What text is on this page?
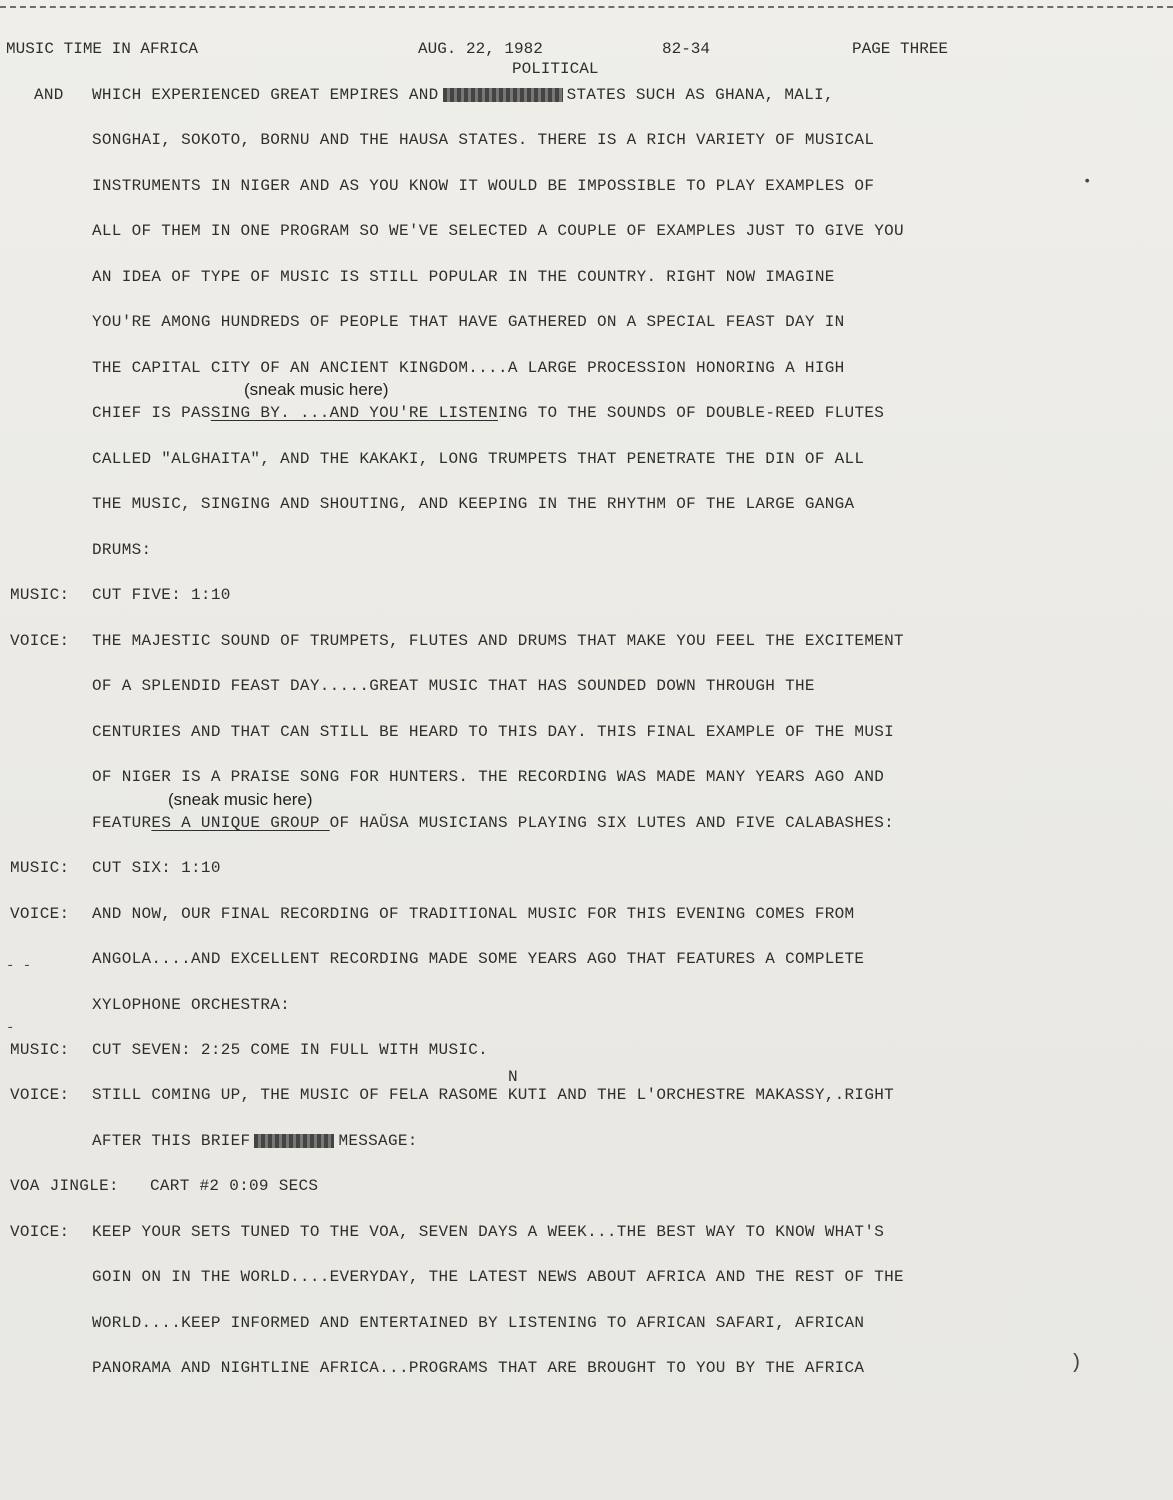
MUSIC TIME IN AFRICA	AUG. 22, 1982	82-34	PAGE THREE
POLITICAL
AND WHICH EXPERIENCED GREAT EMPIRES AND	STATES SUCH AS GHANA, MALI,
SONGHAI, SOKOTO, BORNU AND THE HAUSA STATES. THERE IS A RICH VARIETY OF MUSICAL
INSTRUMENTS IN NIGER AND AS YOU KNOW IT WOULD BE IMPOSSIBLE TO PLAY EXAMPLES OF
ALL OF THEM IN ONE PROGRAM SO WE'VE SELECTED A COUPLE OF EXAMPLES JUST TO GIVE YOU
AN IDEA OF TYPE OF MUSIC IS STILL POPULAR IN THE COUNTRY. RIGHT NOW IMAGINE
YOU'RE AMONG HUNDREDS OF PEOPLE THAT HAVE GATHERED ON A SPECIAL FEAST DAY IN
THE CAPITAL CITY OF AN ANCIENT KINGDOM....A LARGE PROCESSION HONORING A HIGH
(sneak music here)
CHIEF IS PASSING BY. ...AND YOU'RE LISTENING TO THE SOUNDS OF DOUBLE-REED FLUTES
CALLED "ALGHAITA", AND THE KAKAKI, LONG TRUMPETS THAT PENETRATE THE DIN OF ALL
THE MUSIC, SINGING AND SHOUTING, AND KEEPING IN THE RHYTHM OF THE LARGE GANGA
DRUMS:
MUSIC: CUT FIVE: 1:10
VOICE: THE MAJESTIC SOUND OF TRUMPETS, FLUTES AND DRUMS THAT MAKE YOU FEEL THE EXCITEMENT
OF A SPLENDID FEAST DAY.....GREAT MUSIC THAT HAS SOUNDED DOWN THROUGH THE
CENTURIES AND THAT CAN STILL BE HEARD TO THIS DAY. THIS FINAL EXAMPLE OF THE MUSI
OF NIGER IS A PRAISE SONG FOR HUNTERS. THE RECORDING WAS MADE MANY YEARS AGO AND
(sneak music here)
FEATURES A UNIQUE GROUP OF HAŬSA MUSICIANS PLAYING SIX LUTES AND FIVE CALABASHES:
MUSIC: CUT SIX: 1:10
VOICE: AND NOW, OUR FINAL RECORDING OF TRADITIONAL MUSIC FOR THIS EVENING COMES FROM
ANGOLA....AND EXCELLENT RECORDING MADE SOME YEARS AGO THAT FEATURES A COMPLETE
XYLOPHONE ORCHESTRA:
MUSIC: CUT SEVEN: 2:25 COME IN FULL WITH MUSIC.
N
VOICE: STILL COMING UP, THE MUSIC OF FELA RASOME KUTI AND THE L'ORCHESTRE MAKASSY,.RIGHT
AFTER THIS BRIEF	MESSAGE:
VOA JINGLE: CART #2 0:09 SECS
VOICE: KEEP YOUR SETS TUNED TO THE VOA, SEVEN DAYS A WEEK...THE BEST WAY TO KNOW WHAT'S
GOIN ON IN THE WORLD....EVERYDAY, THE LATEST NEWS ABOUT AFRICA AND THE REST OF THE
WORLD....KEEP INFORMED AND ENTERTAINED BY LISTENING TO AFRICAN SAFARI, AFRICAN
PANORAMA AND NIGHTLINE AFRICA...PROGRAMS THAT ARE BROUGHT TO YOU BY THE AFRICA
•
‐ ‐
‐
)
